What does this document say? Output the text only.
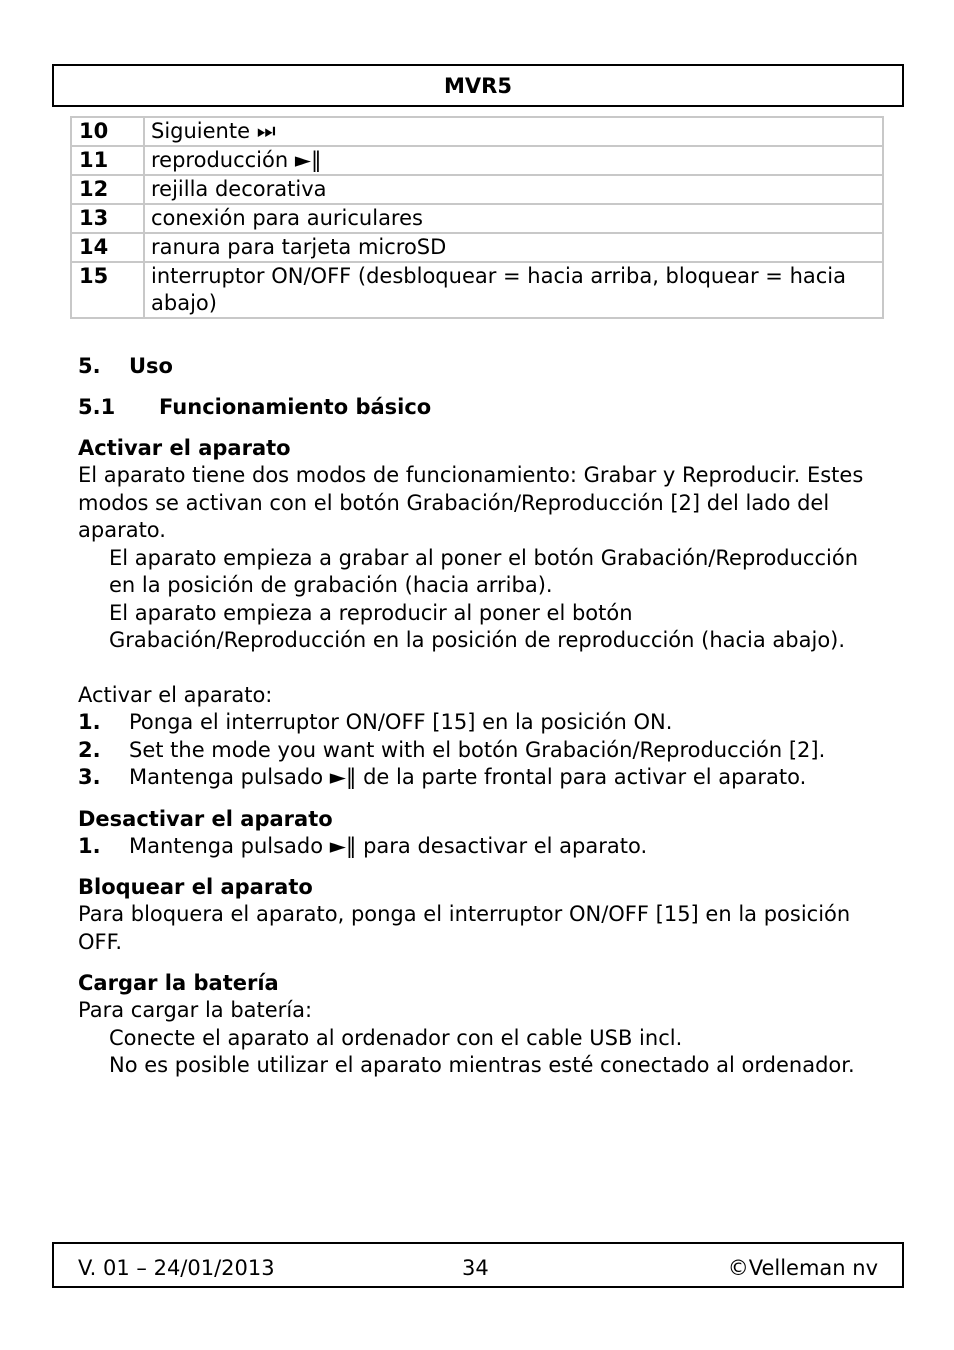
MVR5
10	Siguiente ⏭
11	reproducción ►‖
12	rejilla decorativa
13	conexión para auriculares
14	ranura para tarjeta microSD
15	interruptor ON/OFF (desbloquear = hacia arriba, bloquear = hacia abajo)
5. Uso
5.1 Funcionamiento básico
Activar el aparato

El aparato tiene dos modos de funcionamiento: Grabar y Reproducir. Estes modos se activan con el botón Grabación/Reproducción [2] del lado del aparato.

El aparato empieza a grabar al poner el botón Grabación/Reproducción en la posición de grabación (hacia arriba).

El aparato empieza a reproducir al poner el botón Grabación/Reproducción en la posición de reproducción (hacia abajo).

Activar el aparato:

1. Ponga el interruptor ON/OFF [15] en la posición ON.
2. Set the mode you want with el botón Grabación/Reproducción [2].
3. Mantenga pulsado ►‖ de la parte frontal para activar el aparato.
Desactivar el aparato
1. Mantenga pulsado ►‖ para desactivar el aparato.
Bloquear el aparato

Para bloquera el aparato, ponga el interruptor ON/OFF [15] en la posición OFF.

Cargar la batería

Para cargar la batería:

Conecte el aparato al ordenador con el cable USB incl.

No es posible utilizar el aparato mientras esté conectado al ordenador.

V. 01 – 24/01/2013	34	©Velleman nv
